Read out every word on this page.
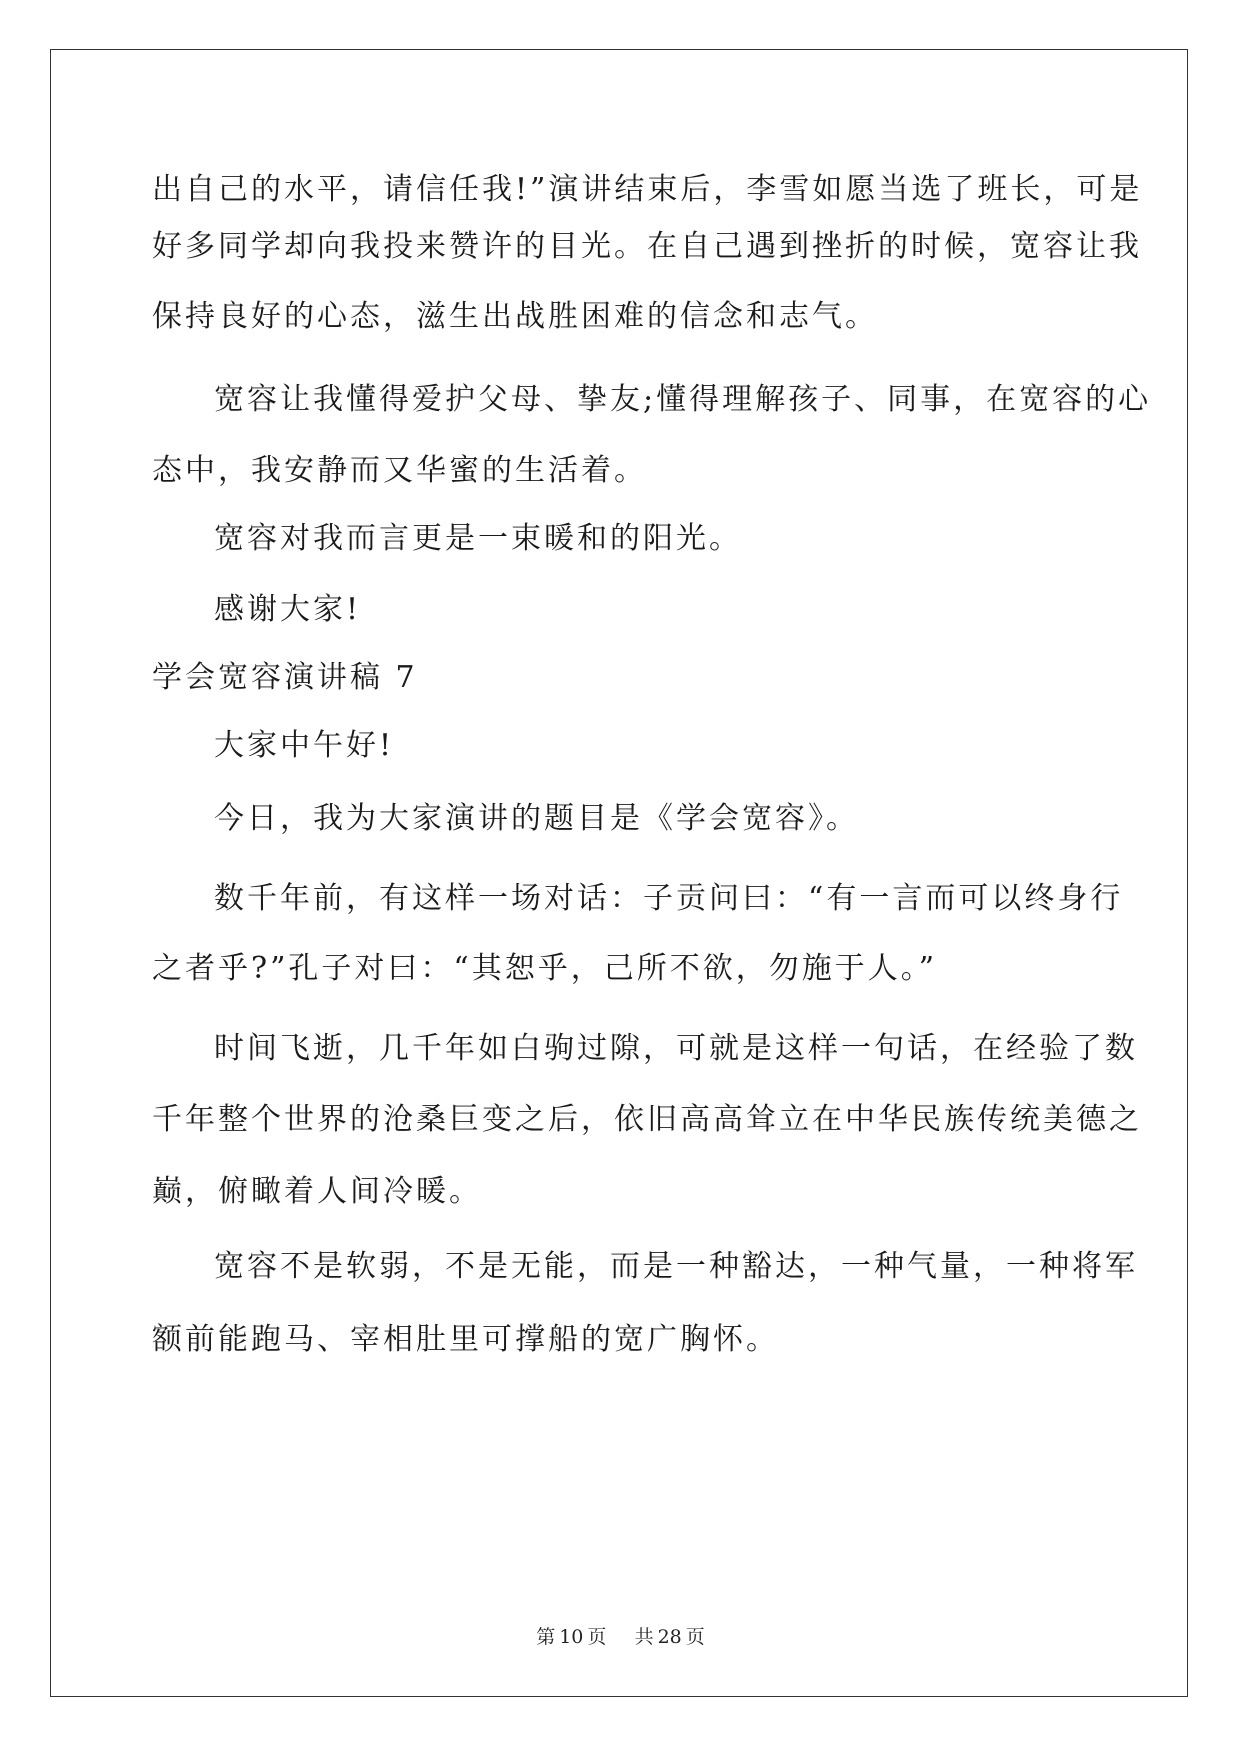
出自己的水平，请信任我!”演讲结束后，李雪如愿当选了班长，可是

好多同学却向我投来赞许的目光。在自己遇到挫折的时候，宽容让我

保持良好的心态，滋生出战胜困难的信念和志气。

宽容让我懂得爱护父母、挚友;懂得理解孩子、同事，在宽容的心

态中，我安静而又华蜜的生活着。

宽容对我而言更是一束暖和的阳光。

感谢大家!

学会宽容演讲稿 7

大家中午好!

今日，我为大家演讲的题目是《学会宽容》。

数千年前，有这样一场对话：子贡问曰：“有一言而可以终身行

之者乎?”孔子对曰：“其恕乎，己所不欲，勿施于人。”

时间飞逝，几千年如白驹过隙，可就是这样一句话，在经验了数

千年整个世界的沧桑巨变之后，依旧高高耸立在中华民族传统美德之

巅，俯瞰着人间冷暖。

宽容不是软弱，不是无能，而是一种豁达，一种气量，一种将军

额前能跑马、宰相肚里可撑船的宽广胸怀。

第 10 页 共 28 页
